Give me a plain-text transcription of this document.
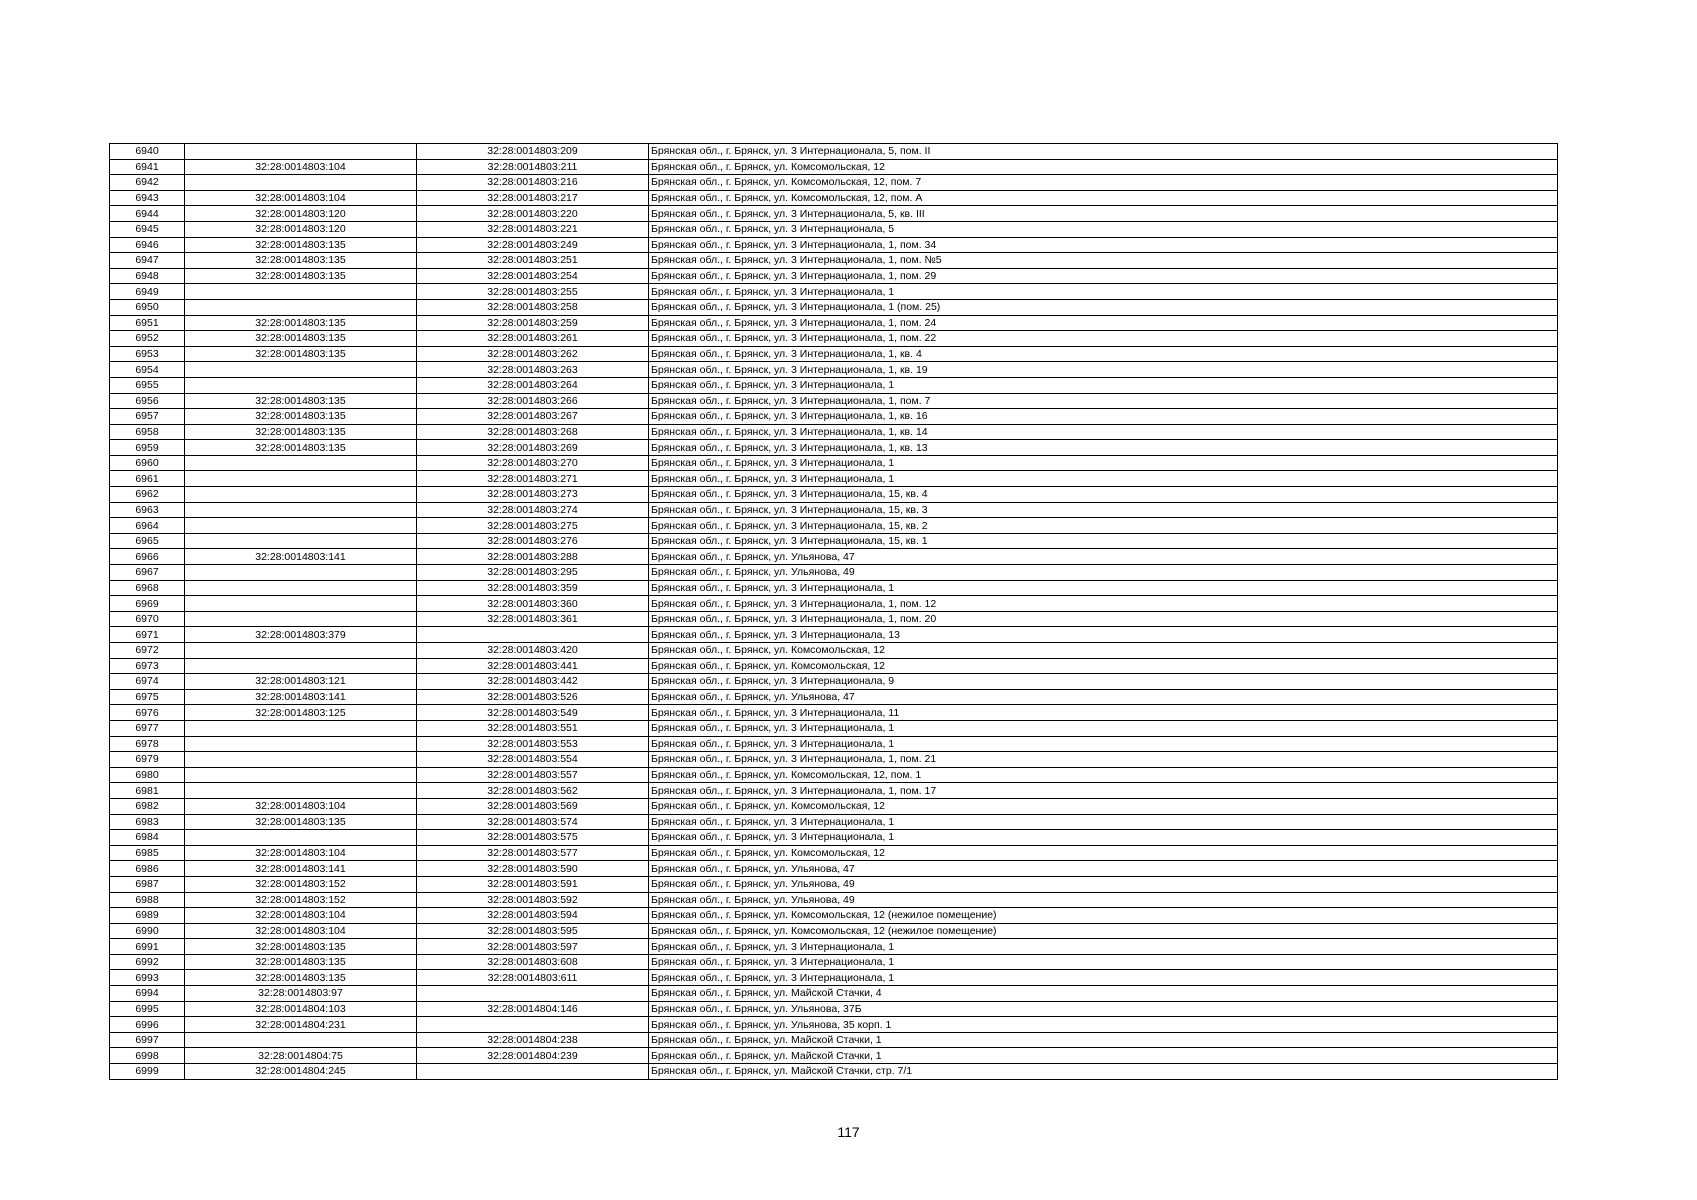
6940		32:28:0014803:209	Брянская обл., г. Брянск, ул. 3 Интернационала, 5, пом. II
6941	32:28:0014803:104	32:28:0014803:211	Брянская обл., г. Брянск, ул. Комсомольская, 12
6942		32:28:0014803:216	Брянская обл., г. Брянск, ул. Комсомольская, 12, пом. 7
6943	32:28:0014803:104	32:28:0014803:217	Брянская обл., г. Брянск, ул. Комсомольская, 12, пом. А
6944	32:28:0014803:120	32:28:0014803:220	Брянская обл., г. Брянск, ул. 3 Интернационала, 5, кв. III
6945	32:28:0014803:120	32:28:0014803:221	Брянская обл., г. Брянск, ул. 3 Интернационала, 5
6946	32:28:0014803:135	32:28:0014803:249	Брянская обл., г. Брянск, ул. 3 Интернационала, 1, пом. 34
6947	32:28:0014803:135	32:28:0014803:251	Брянская обл., г. Брянск, ул. 3 Интернационала, 1, пом. №5
6948	32:28:0014803:135	32:28:0014803:254	Брянская обл., г. Брянск, ул. 3 Интернационала, 1, пом. 29
6949		32:28:0014803:255	Брянская обл., г. Брянск, ул. 3 Интернационала, 1
6950		32:28:0014803:258	Брянская обл., г. Брянск, ул. 3 Интернационала, 1 (пом. 25)
6951	32:28:0014803:135	32:28:0014803:259	Брянская обл., г. Брянск, ул. 3 Интернационала, 1, пом. 24
6952	32:28:0014803:135	32:28:0014803:261	Брянская обл., г. Брянск, ул. 3 Интернационала, 1, пом. 22
6953	32:28:0014803:135	32:28:0014803:262	Брянская обл., г. Брянск, ул. 3 Интернационала, 1, кв. 4
6954		32:28:0014803:263	Брянская обл., г. Брянск, ул. 3 Интернационала, 1, кв. 19
6955		32:28:0014803:264	Брянская обл., г. Брянск, ул. 3 Интернационала, 1
6956	32:28:0014803:135	32:28:0014803:266	Брянская обл., г. Брянск, ул. 3 Интернационала, 1, пом. 7
6957	32:28:0014803:135	32:28:0014803:267	Брянская обл., г. Брянск, ул. 3 Интернационала, 1, кв. 16
6958	32:28:0014803:135	32:28:0014803:268	Брянская обл., г. Брянск, ул. 3 Интернационала, 1, кв. 14
6959	32:28:0014803:135	32:28:0014803:269	Брянская обл., г. Брянск, ул. 3 Интернационала, 1, кв. 13
6960		32:28:0014803:270	Брянская обл., г. Брянск, ул. 3 Интернационала, 1
6961		32:28:0014803:271	Брянская обл., г. Брянск, ул. 3 Интернационала, 1
6962		32:28:0014803:273	Брянская обл., г. Брянск, ул. 3 Интернационала, 15, кв. 4
6963		32:28:0014803:274	Брянская обл., г. Брянск, ул. 3 Интернационала, 15, кв. 3
6964		32:28:0014803:275	Брянская обл., г. Брянск, ул. 3 Интернационала, 15, кв. 2
6965		32:28:0014803:276	Брянская обл., г. Брянск, ул. 3 Интернационала, 15, кв. 1
6966	32:28:0014803:141	32:28:0014803:288	Брянская обл., г. Брянск, ул. Ульянова, 47
6967		32:28:0014803:295	Брянская обл., г. Брянск, ул. Ульянова, 49
6968		32:28:0014803:359	Брянская обл., г. Брянск, ул. 3 Интернационала, 1
6969		32:28:0014803:360	Брянская обл., г. Брянск, ул. 3 Интернационала, 1, пом. 12
6970		32:28:0014803:361	Брянская обл., г. Брянск, ул. 3 Интернационала, 1, пом. 20
6971	32:28:0014803:379		Брянская обл., г. Брянск, ул. 3 Интернационала, 13
6972		32:28:0014803:420	Брянская обл., г. Брянск, ул. Комсомольская, 12
6973		32:28:0014803:441	Брянская обл., г. Брянск, ул. Комсомольская, 12
6974	32:28:0014803:121	32:28:0014803:442	Брянская обл., г. Брянск, ул. 3 Интернационала, 9
6975	32:28:0014803:141	32:28:0014803:526	Брянская обл., г. Брянск, ул. Ульянова, 47
6976	32:28:0014803:125	32:28:0014803:549	Брянская обл., г. Брянск, ул. 3 Интернационала, 11
6977		32:28:0014803:551	Брянская обл., г. Брянск, ул. 3 Интернационала, 1
6978		32:28:0014803:553	Брянская обл., г. Брянск, ул. 3 Интернационала, 1
6979		32:28:0014803:554	Брянская обл., г. Брянск, ул. 3 Интернационала, 1, пом. 21
6980		32:28:0014803:557	Брянская обл., г. Брянск, ул. Комсомольская, 12, пом. 1
6981		32:28:0014803:562	Брянская обл., г. Брянск, ул. 3 Интернационала, 1, пом. 17
6982	32:28:0014803:104	32:28:0014803:569	Брянская обл., г. Брянск, ул. Комсомольская, 12
6983	32:28:0014803:135	32:28:0014803:574	Брянская обл., г. Брянск, ул. 3 Интернационала, 1
6984		32:28:0014803:575	Брянская обл., г. Брянск, ул. 3 Интернационала, 1
6985	32:28:0014803:104	32:28:0014803:577	Брянская обл., г. Брянск, ул. Комсомольская, 12
6986	32:28:0014803:141	32:28:0014803:590	Брянская обл., г. Брянск, ул. Ульянова, 47
6987	32:28:0014803:152	32:28:0014803:591	Брянская обл., г. Брянск, ул. Ульянова, 49
6988	32:28:0014803:152	32:28:0014803:592	Брянская обл., г. Брянск, ул. Ульянова, 49
6989	32:28:0014803:104	32:28:0014803:594	Брянская обл., г. Брянск, ул. Комсомольская, 12 (нежилое помещение)
6990	32:28:0014803:104	32:28:0014803:595	Брянская обл., г. Брянск, ул. Комсомольская, 12 (нежилое помещение)
6991	32:28:0014803:135	32:28:0014803:597	Брянская обл., г. Брянск, ул. 3 Интернационала, 1
6992	32:28:0014803:135	32:28:0014803:608	Брянская обл., г. Брянск, ул. 3 Интернационала, 1
6993	32:28:0014803:135	32:28:0014803:611	Брянская обл., г. Брянск, ул. 3 Интернационала, 1
6994	32:28:0014803:97		Брянская обл., г. Брянск, ул. Майской Стачки, 4
6995	32:28:0014804:103	32:28:0014804:146	Брянская обл., г. Брянск, ул. Ульянова, 37Б
6996	32:28:0014804:231		Брянская обл., г. Брянск, ул. Ульянова, 35 корп. 1
6997		32:28:0014804:238	Брянская обл., г. Брянск, ул. Майской Стачки, 1
6998	32:28:0014804:75	32:28:0014804:239	Брянская обл., г. Брянск, ул. Майской Стачки, 1
6999	32:28:0014804:245		Брянская обл., г. Брянск, ул. Майской Стачки, стр. 7/1
117
